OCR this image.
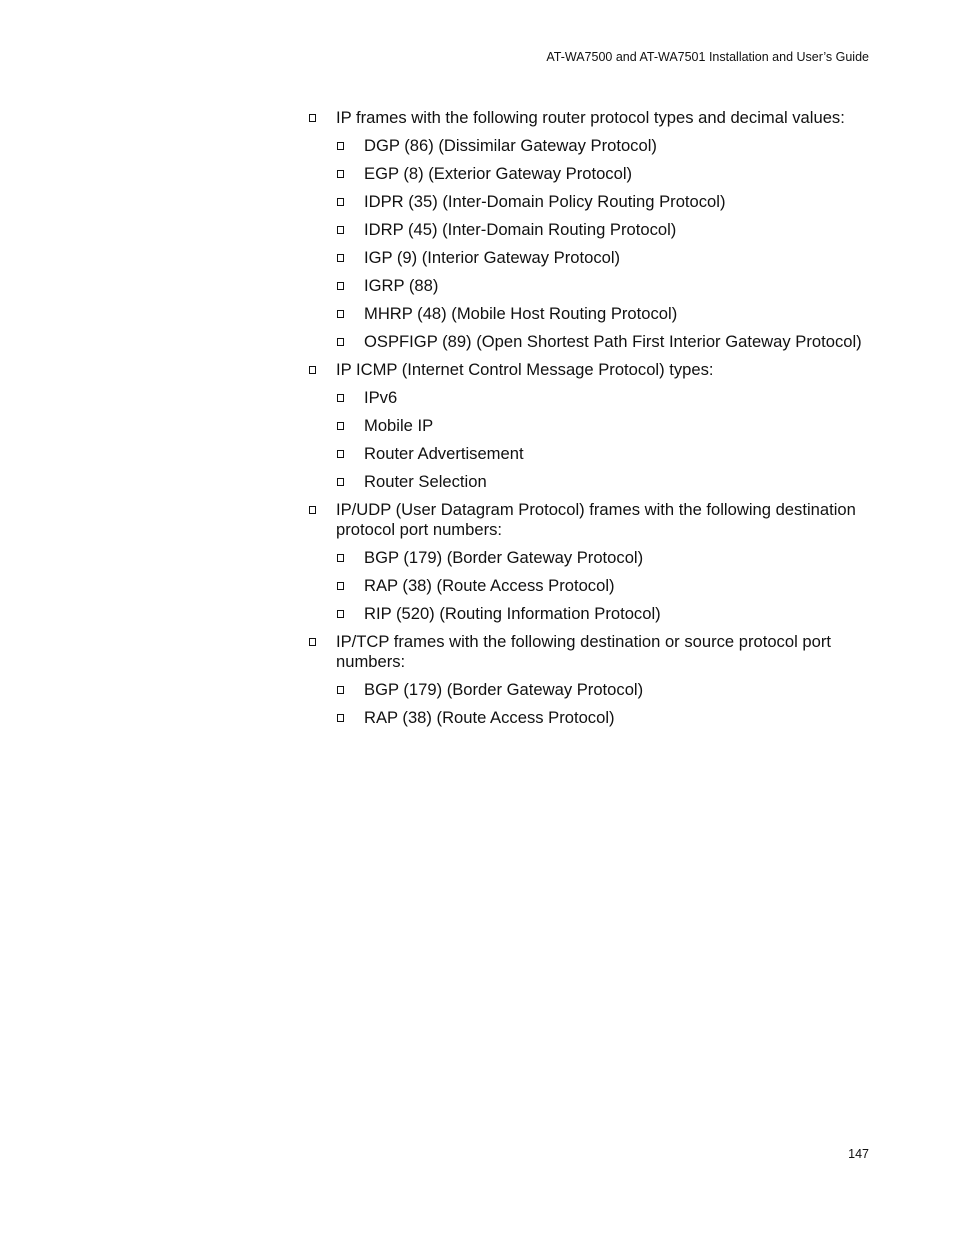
AT-WA7500 and AT-WA7501 Installation and User’s Guide
IP frames with the following router protocol types and decimal values:
DGP (86) (Dissimilar Gateway Protocol)
EGP (8) (Exterior Gateway Protocol)
IDPR (35) (Inter-Domain Policy Routing Protocol)
IDRP (45) (Inter-Domain Routing Protocol)
IGP (9) (Interior Gateway Protocol)
IGRP (88)
MHRP (48) (Mobile Host Routing Protocol)
OSPFIGP (89) (Open Shortest Path First Interior Gateway Protocol)
IP ICMP (Internet Control Message Protocol) types:
IPv6
Mobile IP
Router Advertisement
Router Selection
IP/UDP (User Datagram Protocol) frames with the following destination protocol port numbers:
BGP (179) (Border Gateway Protocol)
RAP (38) (Route Access Protocol)
RIP (520) (Routing Information Protocol)
IP/TCP frames with the following destination or source protocol port numbers:
BGP (179) (Border Gateway Protocol)
RAP (38) (Route Access Protocol)
147
